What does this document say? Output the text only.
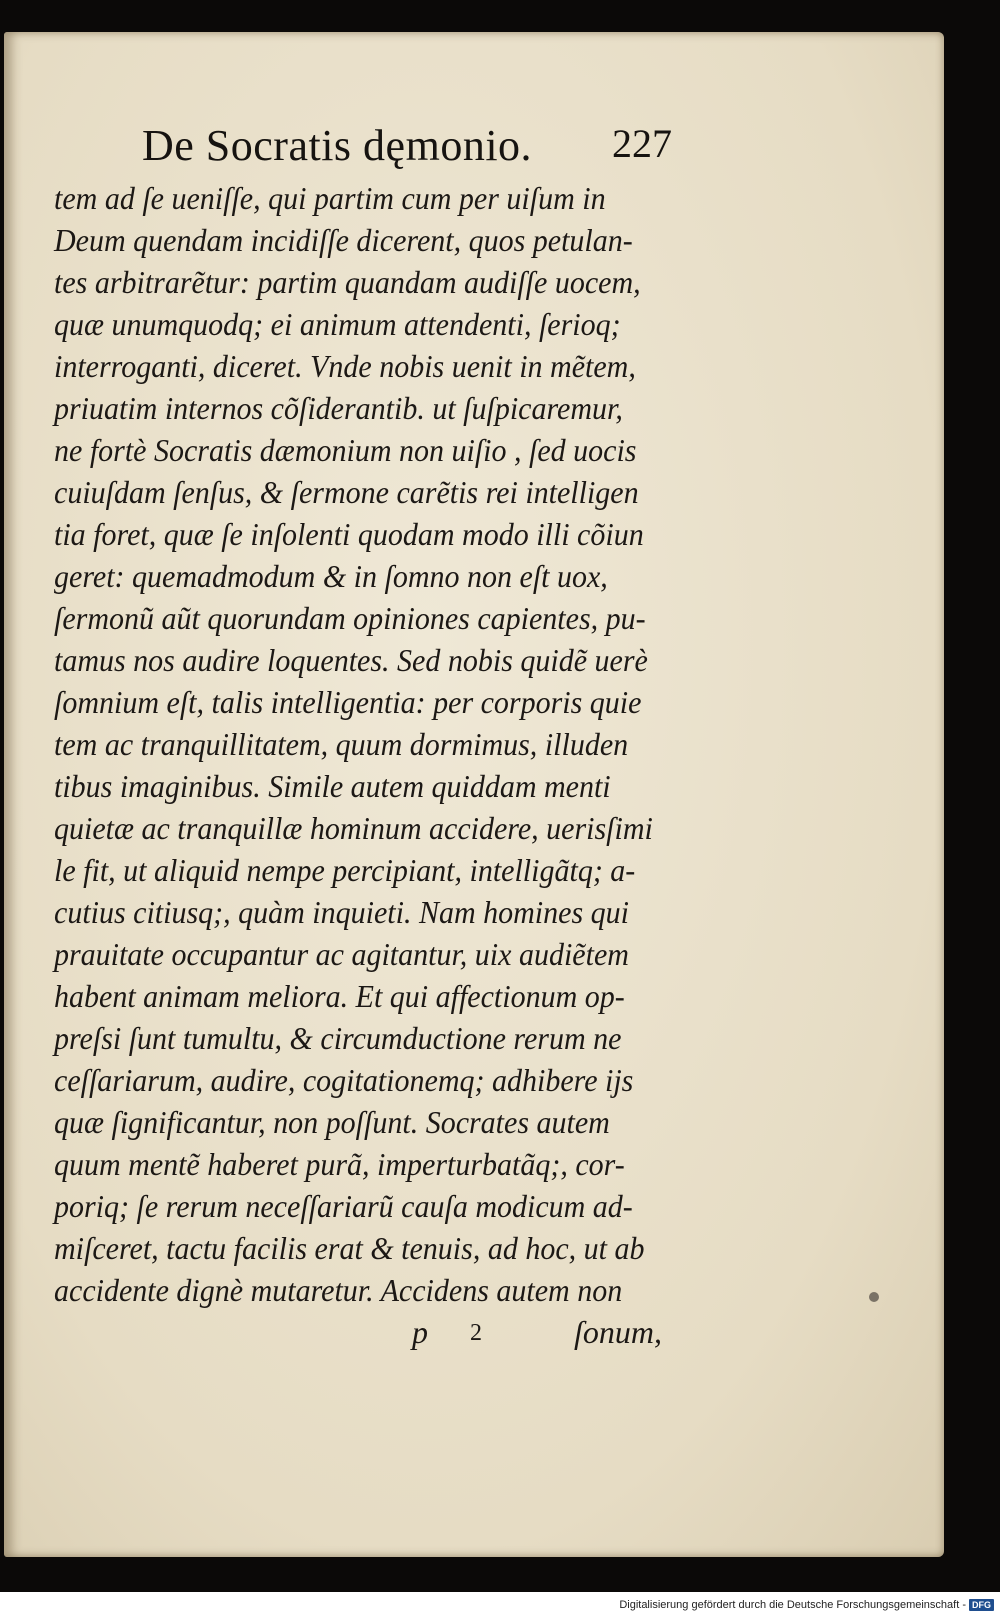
De Socratis dęmonio. 227
tem ad ſe ueniſſe, qui partim cum per uiſum in
Deum quendam incidiſſe dicerent, quos petulan-
tes arbitrarẽtur: partim quandam audiſſe uocem,
quæ unumquodq; ei animum attendenti, ſerioq;
interroganti, diceret. Vnde nobis uenit in mẽtem,
priuatim internos cõſiderantib. ut ſuſpicaremur,
ne fortè Socratis dæmonium non uiſio , ſed uocis
cuiuſdam ſenſus, & ſermone carẽtis rei intelligen
tia foret, quæ ſe inſolenti quodam modo illi cõiun
geret: quemadmodum & in ſomno non eſt uox,
ſermonũ aũt quorundam opiniones capientes, pu-
tamus nos audire loquentes. Sed nobis quidẽ uerè
ſomnium eſt, talis intelligentia: per corporis quie
tem ac tranquillitatem, quum dormimus, illuden
tibus imaginibus. Simile autem quiddam menti
quietæ ac tranquillæ hominum accidere, uerisſimi
le fit, ut aliquid nempe percipiant, intelligãtq; a-
cutius citiusq;, quàm inquieti. Nam homines qui
prauitate occupantur ac agitantur, uix audiẽtem
habent animam meliora. Et qui affectionum op-
preſsi ſunt tumultu, & circumductione rerum ne
ceſſariarum, audire, cogitationemq; adhibere ijs
quæ ſignificantur, non poſſunt. Socrates autem
quum mentẽ haberet purã, imperturbatãq;, cor-
poriq; ſe rerum neceſſariarũ cauſa modicum ad-
miſceret, tactu facilis erat & tenuis, ad hoc, ut ab
accidente dignè mutaretur. Accidens autem non
p 2	ſonum,
Digitalisierung gefördert durch die Deutsche Forschungsgemeinschaft - DFG
